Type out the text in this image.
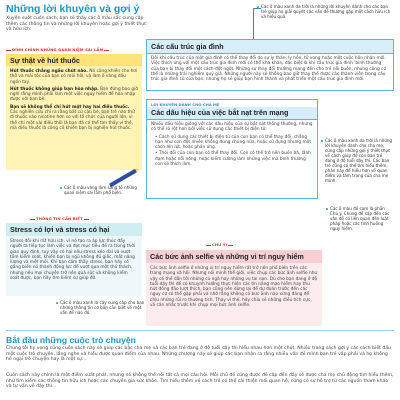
Những lời khuyên và gợi ý
Xuyên suốt cuốn sách, bạn sẽ thấy các ô màu sắc cung cấp thêm các thông tin và những lời khuyên hoặc gợi ý thiết thực và hữu ích.
Các ô màu xanh da trời là những lời khuyên dành cho các bạn trẻ giúp họ giải quyết các vấn đề thường gặp một cách hữu ích và hiệu quả.
ĐÍNH CHÍNH NHỮNG QUAN NIỆM SAI LẦM
Sự thật về hút thuốc

Hút thuốc chẳng ngầu chút nào. Nó cũng khiến cho hơi thở và mái tóc của bạn có mùi hôi, và làm ố vàng đầu ngón tay.

Hút thuốc không giúp bạn hòa nhập. Bạn đừng bao giờ nghĩ rằng mình phải làm một việc nguy hiểm để hòa nhập được với bạn bè.

Bạn sẽ không thể chỉ hút một hay hai điếu thuốc. Các nghiên cứu chỉ ra rằng bất cứ cậu bé, bạn trẻ nào thử đi thuốc vào nicotine hơn so với tổ chức của người lớn, vì thế chỉ một vài điếu thôi là bạn đã có thể tìm thấy vì thế, mà điếu thuốc là công cố khiến bạn bị nghiện hút thuốc.

Các ô màu vàng làm sáng tỏ những quan niệm sai lầm phổ biến.
THÔNG TIN CẦN BIẾT
Stress có lợi và stress có hại
Stress đôi khi rất hữu ích, vì nó tạo ra áp lực thúc đẩy người ta tiếp tục làm việc và đạt mục tiêu đề ra trong thời gian quy định, tuy vậy có hại nếu stress kéo dài và vượt tầm kiểm soát, khiến bạn bị ngủ không đủ giấc, mất năng lượng và mệt mỏi. Khi bạn cảm thấy stress, bạn hãy cố gắng biến nó thành động lực để vượt qua một thử thách, nhưng nếu mọi chuyện trở nên quá sức và không kiểm soát được, bạn hãy tìm kiếm sự giúp đỡ.
Các ô màu xanh lá cây cung cấp cho bạn những thông tin cơ bản cần biết về một vấn đề nào đó.
Các cấu trúc gia đình
Đôi khi cấu trúc của một gia đình có thể thay đổi do sự ly thân, ly hôn, tử vong hoặc một cuộc hôn nhân mới. Việc thích ứng với một cấu trúc gia đình mới có thể khá khăn, đặc biệt là khi cấu trúc gia đình 'bình thường' của bạn bị thay đổi một cách đột ngột. Những sự thay đổi thường mang đến cho trẻ nỗi buồn, nhưng cũng có thể là những trải nghiệm quý giá. Những người này sẽ không bao giờ thay thế được các thành viên trong cấu trúc gia đình cũ của bạn, nhưng họ sẽ giúp bạn hình thành và phát triển một cấu trúc gia đình mới.
LỜI KHUYÊN DÀNH CHO CHA MẸ
Các dấu hiệu của việc bắt nạt trên mạng
Nhiều dấu hiệu giống với các dấu hiệu của sự bắt nạt thông thường, nhưng có thể rõ rệt hơn bởi việc sử dụng các thiết bị điện tử.
• Cách sử dụng các thiết bị điện tử của con bạn có thể thay đổi, chẳng hạn như con đột nhiên không dùng chúng nữa, hoặc sử dụng nhưng một cách lén lút, hoặc phản ứng.
• Thói đổi của con bạn có thể thay đổi. Con có thể trở nên buồn bã, lãnh đạm hoặc nổi nóng, hoặc kiềm cường làm những việc mà bình thường con sẽ thích làm.
Các ô màu xanh da trời là những lời khuyên dành cho cha mẹ, cung cấp những gợi ý thiết thực về cách giúp đỡ con bạn trẻ đang ở độ tuổi dậy thì. Các bạn trẻ cũng có thể tìm hiểu thêm, phản này để hiểu hơn về quan điểm và tâm trạng của cha mẹ mình.
CHÚ Ý!
Các bức ảnh selfie và những vi trí nguy hiểm
Các bức ảnh selfie ở những vị trí nguy hiểm rất trở nên phổ biến trên các trang mạng xã hội. Nhưng nói mình thể giới, việc chụp các bức ảnh selfie như vậy có thể dẫn tới những cú ngã hay những vụ tai nạn. Dù cho bạn đang ở độ tuổi dậy thì để có khuynh hướng thực hiện các tín năng mạo hiểm hay thu hút đông đảo lượt thích, bạn cũng nên dừng lại để dự đoán trước đến các nguy cơ có thể gặp phải và nhớ rằng không có bức ảnh nào xứng đáng để chịu những rủi ro thương tích. Thay vì thế, hãy chia sẻ những điều tích cực, và cân nhắc trước khi chụp mọi bức ảnh selfie.
Các ô màu đỏ cam là phần Chú ý. Chúng để cập đến các vấn đề có liên quan đến luật pháp hoặc các tình huống nguy hiểm.
Bắt đầu những cuộc trò chuyện
Chúng tôi hy vọng cũng cuốn sách này sẽ giúp các bậc cha mẹ và các bạn trẻ đang ở độ tuổi dậy thì hiểu nhau hơn một chút. Nhiều trang sách gợi ý các cách biết đầu một cuộc trò chuyện, lắng nghe và hiểu được quan điểm của nhau. Những chương này sẽ giúp các bạn nhận ra rằng nhiều vấn đề mình bạn trẻ vấp phải và họ không hề ngại trò chuyện hay là một sự...
Cuốn sách này chỉnh là một điểm xuất phát, nhưng nó không thể nói tất cả mọi câu hỏi. Mỗi chủ đề cũng được đề cập đến đây sẽ được cha mẹ chủ động tìm hiểu thêm, như tìm kiếm các thông tin hữu ích hoặc các chuyên gia sức khỏe. Tìm hiểu thêm về cách trẻ có thể cải thiện mối quan hệ, cũng có sự hỗ trợ từ các nguồn tham khảo và tư vấn về dậy thì...
